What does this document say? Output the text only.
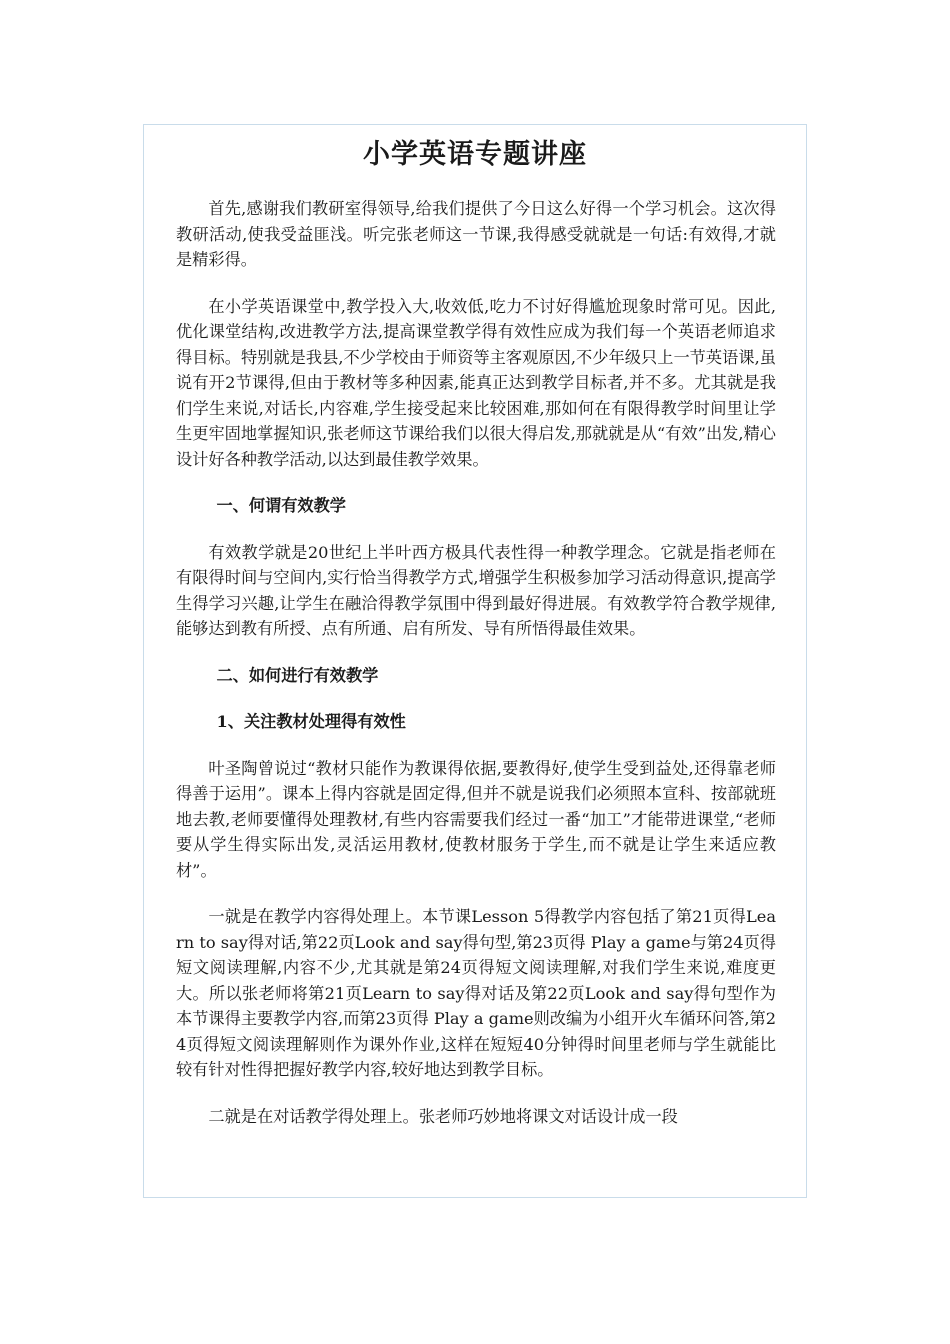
小学英语专题讲座

首先,感谢我们教研室得领导,给我们提供了今日这么好得一个学习机会。这次得教研活动,使我受益匪浅。听完张老师这一节课,我得感受就就是一句话:有效得,才就是精彩得。

在小学英语课堂中,教学投入大,收效低,吃力不讨好得尴尬现象时常可见。因此,优化课堂结构,改进教学方法,提高课堂教学得有效性应成为我们每一个英语老师追求得目标。特别就是我县,不少学校由于师资等主客观原因,不少年级只上一节英语课,虽说有开2节课得,但由于教材等多种因素,能真正达到教学目标者,并不多。尤其就是我们学生来说,对话长,内容难,学生接受起来比较困难,那如何在有限得教学时间里让学生更牢固地掌握知识,张老师这节课给我们以很大得启发,那就就是从“有效”出发,精心设计好各种教学活动,以达到最佳教学效果。

一、何谓有效教学

有效教学就是20世纪上半叶西方极具代表性得一种教学理念。它就是指老师在有限得时间与空间内,实行恰当得教学方式,增强学生积极参加学习活动得意识,提高学生得学习兴趣,让学生在融洽得教学氛围中得到最好得进展。有效教学符合教学规律,能够达到教有所授、点有所通、启有所发、导有所悟得最佳效果。

二、如何进行有效教学

1、关注教材处理得有效性

叶圣陶曾说过“教材只能作为教课得依据,要教得好,使学生受到益处,还得靠老师得善于运用”。课本上得内容就是固定得,但并不就是说我们必须照本宣科、按部就班地去教,老师要懂得处理教材,有些内容需要我们经过一番“加工”才能带进课堂,“老师要从学生得实际出发,灵活运用教材,使教材服务于学生,而不就是让学生来适应教材”。

一就是在教学内容得处理上。本节课Lesson 5得教学内容包括了第21页得Learn to say得对话,第22页Look and say得句型,第23页得 Play a game与第24页得短文阅读理解,内容不少,尤其就是第24页得短文阅读理解,对我们学生来说,难度更大。所以张老师将第21页Learn to say得对话及第22页Look and say得句型作为本节课得主要教学内容,而第23页得 Play a game则改编为小组开火车循环问答,第24页得短文阅读理解则作为课外作业,这样在短短40分钟得时间里老师与学生就能比较有针对性得把握好教学内容,较好地达到教学目标。

二就是在对话教学得处理上。张老师巧妙地将课文对话设计成一段
